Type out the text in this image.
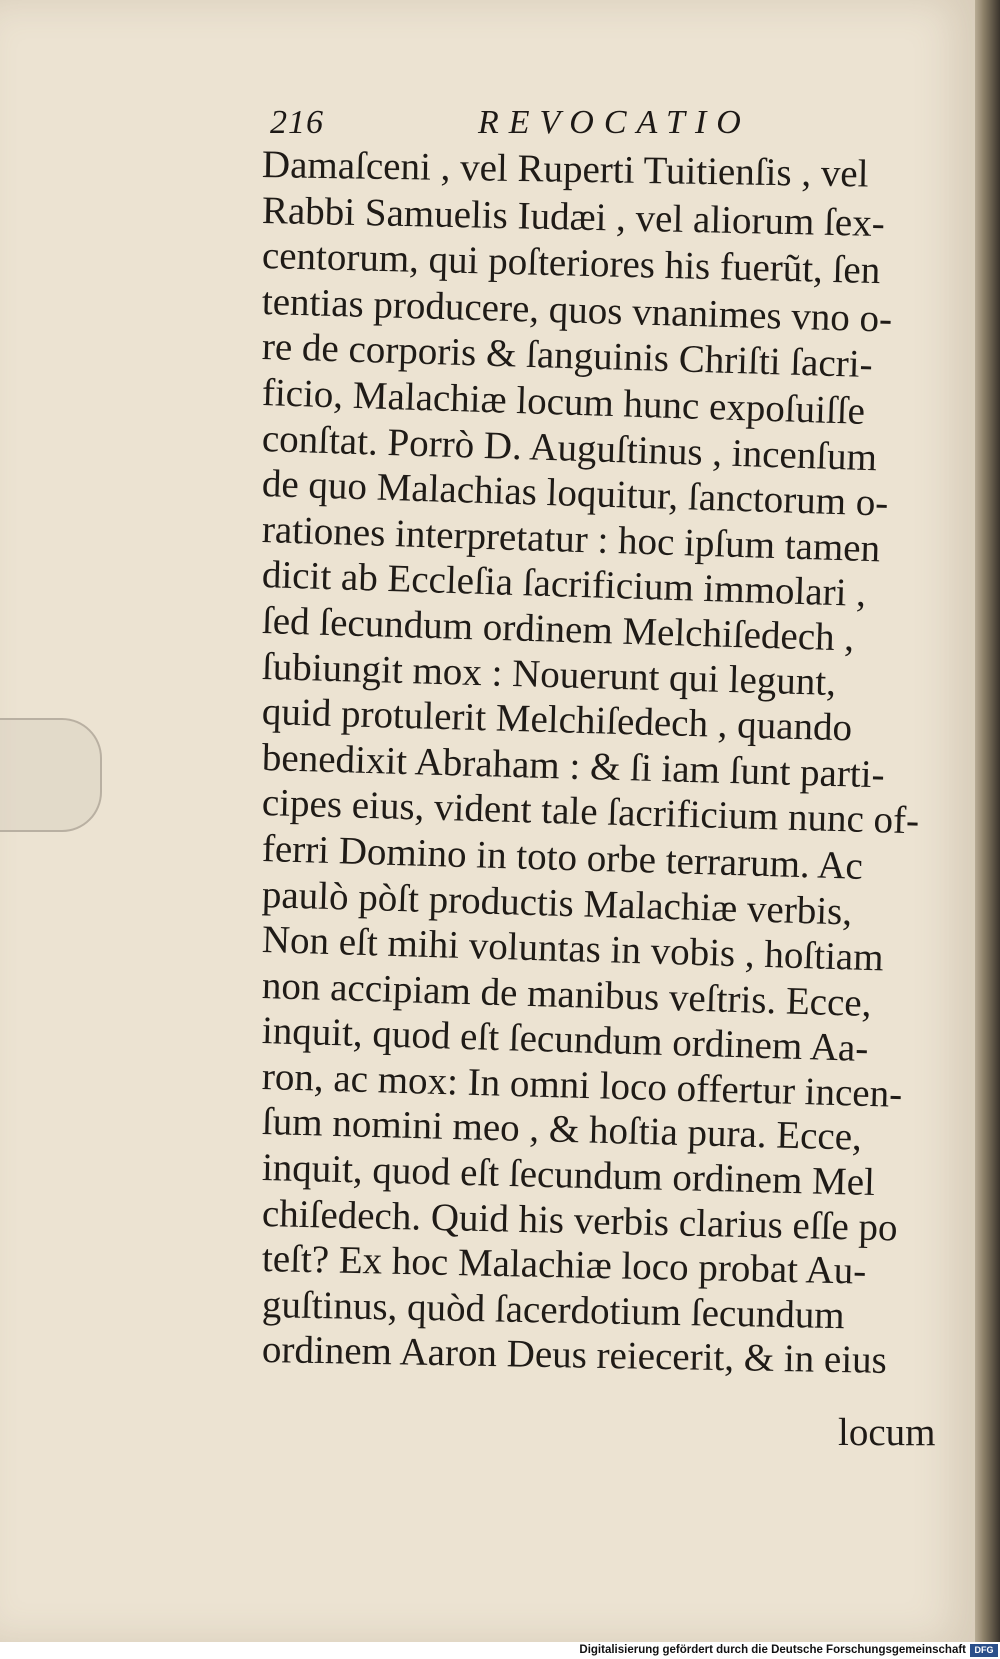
216	REVOCATIO
Damaſceni , vel Ruperti Tuitienſis , vel
Rabbi Samuelis Iudæi , vel aliorum ſex-
centorum, qui poſteriores his fuerũt, ſen
tentias producere, quos vnanimes vno o-
re de corporis & ſanguinis Chriſti ſacri-
ficio, Malachiæ locum hunc expoſuiſſe
conſtat. Porrò D. Auguſtinus , incenſum
de quo Malachias loquitur, ſanctorum o-
rationes interpretatur : hoc ipſum tamen
dicit ab Eccleſia ſacrificium immolari ,
ſed ſecundum ordinem Melchiſedech ,
ſubiungit mox : Nouerunt qui legunt,
quid protulerit Melchiſedech , quando
benedixit Abraham : & ſi iam ſunt parti-
cipes eius, vident tale ſacrificium nunc of-
ferri Domino in toto orbe terrarum. Ac
paulò pòſt productis Malachiæ verbis,
Non eſt mihi voluntas in vobis , hoſtiam
non accipiam de manibus veſtris. Ecce,
inquit, quod eſt ſecundum ordinem Aa-
ron, ac mox: In omni loco offertur incen-
ſum nomini meo , & hoſtia pura. Ecce,
inquit, quod eſt ſecundum ordinem Mel
chiſedech. Quid his verbis clarius eſſe po
teſt? Ex hoc Malachiæ loco probat Au-
guſtinus, quòd ſacerdotium ſecundum
ordinem Aaron Deus reiecerit, & in eius
locum
Digitalisierung gefördert durch die Deutsche Forschungsgemeinschaft DFG
